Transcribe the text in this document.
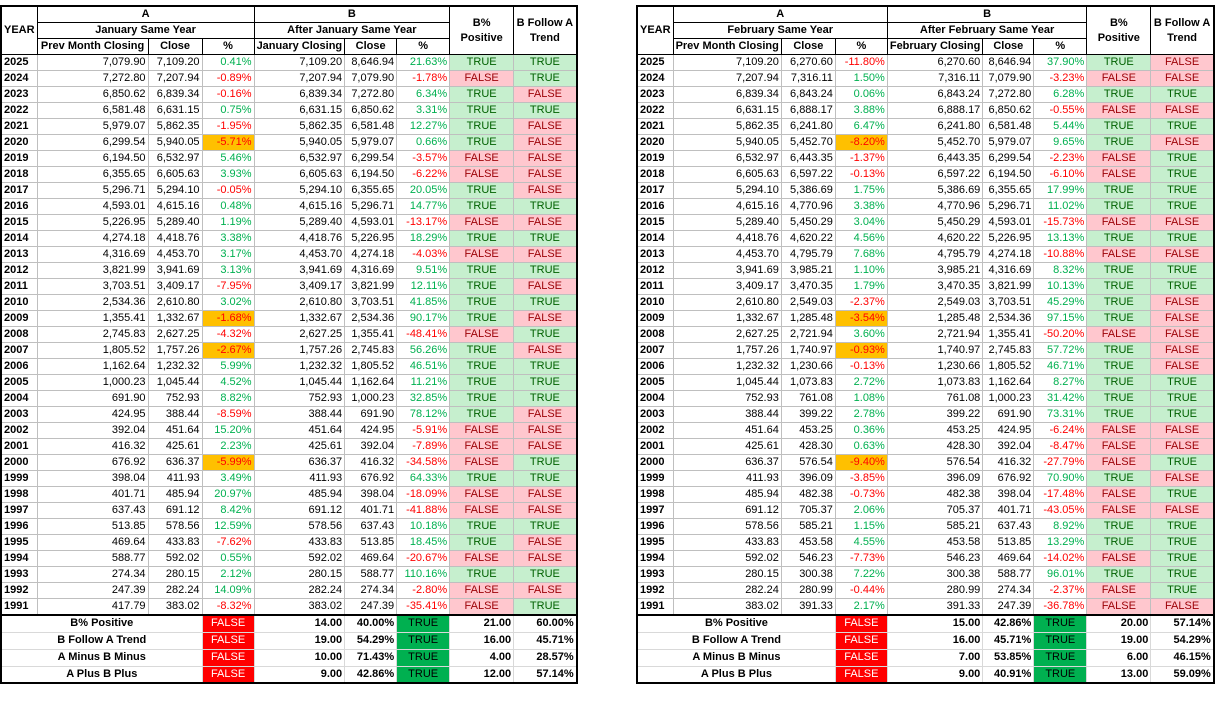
YEAR	A			B			B% Positive	B Follow A Trend
	January Same Year			After January Same Year				
	Prev Month Closing	Close	%	January Closing	Close	%		
2025	7,079.90	7,109.20	0.41%	7,109.20	8,646.94	21.63%	TRUE	TRUE
2024	7,272.80	7,207.94	-0.89%	7,207.94	7,079.90	-1.78%	FALSE	TRUE
2023	6,850.62	6,839.34	-0.16%	6,839.34	7,272.80	6.34%	TRUE	FALSE
2022	6,581.48	6,631.15	0.75%	6,631.15	6,850.62	3.31%	TRUE	TRUE
2021	5,979.07	5,862.35	-1.95%	5,862.35	6,581.48	12.27%	TRUE	FALSE
2020	6,299.54	5,940.05	-5.71%	5,940.05	5,979.07	0.66%	TRUE	FALSE
2019	6,194.50	6,532.97	5.46%	6,532.97	6,299.54	-3.57%	FALSE	FALSE
2018	6,355.65	6,605.63	3.93%	6,605.63	6,194.50	-6.22%	FALSE	FALSE
2017	5,296.71	5,294.10	-0.05%	5,294.10	6,355.65	20.05%	TRUE	FALSE
2016	4,593.01	4,615.16	0.48%	4,615.16	5,296.71	14.77%	TRUE	TRUE
2015	5,226.95	5,289.40	1.19%	5,289.40	4,593.01	-13.17%	FALSE	FALSE
2014	4,274.18	4,418.76	3.38%	4,418.76	5,226.95	18.29%	TRUE	TRUE
2013	4,316.69	4,453.70	3.17%	4,453.70	4,274.18	-4.03%	FALSE	FALSE
2012	3,821.99	3,941.69	3.13%	3,941.69	4,316.69	9.51%	TRUE	TRUE
2011	3,703.51	3,409.17	-7.95%	3,409.17	3,821.99	12.11%	TRUE	FALSE
2010	2,534.36	2,610.80	3.02%	2,610.80	3,703.51	41.85%	TRUE	TRUE
2009	1,355.41	1,332.67	-1.68%	1,332.67	2,534.36	90.17%	TRUE	FALSE
2008	2,745.83	2,627.25	-4.32%	2,627.25	1,355.41	-48.41%	FALSE	TRUE
2007	1,805.52	1,757.26	-2.67%	1,757.26	2,745.83	56.26%	TRUE	FALSE
2006	1,162.64	1,232.32	5.99%	1,232.32	1,805.52	46.51%	TRUE	TRUE
2005	1,000.23	1,045.44	4.52%	1,045.44	1,162.64	11.21%	TRUE	TRUE
2004	691.90	752.93	8.82%	752.93	1,000.23	32.85%	TRUE	TRUE
2003	424.95	388.44	-8.59%	388.44	691.90	78.12%	TRUE	FALSE
2002	392.04	451.64	15.20%	451.64	424.95	-5.91%	FALSE	FALSE
2001	416.32	425.61	2.23%	425.61	392.04	-7.89%	FALSE	FALSE
2000	676.92	636.37	-5.99%	636.37	416.32	-34.58%	FALSE	TRUE
1999	398.04	411.93	3.49%	411.93	676.92	64.33%	TRUE	TRUE
1998	401.71	485.94	20.97%	485.94	398.04	-18.09%	FALSE	FALSE
1997	637.43	691.12	8.42%	691.12	401.71	-41.88%	FALSE	FALSE
1996	513.85	578.56	12.59%	578.56	637.43	10.18%	TRUE	TRUE
1995	469.64	433.83	-7.62%	433.83	513.85	18.45%	TRUE	FALSE
1994	588.77	592.02	0.55%	592.02	469.64	-20.67%	FALSE	FALSE
1993	274.34	280.15	2.12%	280.15	588.77	110.16%	TRUE	TRUE
1992	247.39	282.24	14.09%	282.24	274.34	-2.80%	FALSE	FALSE
1991	417.79	383.02	-8.32%	383.02	247.39	-35.41%	FALSE	TRUE
B% Positive			FALSE	14.00	40.00%	TRUE	21.00	60.00%
B Follow A Trend			FALSE	19.00	54.29%	TRUE	16.00	45.71%
A Minus B Minus			FALSE	10.00	71.43%	TRUE	4.00	28.57%
A Plus B Plus			FALSE	9.00	42.86%	TRUE	12.00	57.14%
YEAR	A			B			B% Positive	B Follow A Trend
	February Same Year			After February Same Year				
	Prev Month Closing	Close	%	February Closing	Close	%		
2025	7,109.20	6,270.60	-11.80%	6,270.60	8,646.94	37.90%	TRUE	FALSE
2024	7,207.94	7,316.11	1.50%	7,316.11	7,079.90	-3.23%	FALSE	FALSE
2023	6,839.34	6,843.24	0.06%	6,843.24	7,272.80	6.28%	TRUE	TRUE
2022	6,631.15	6,888.17	3.88%	6,888.17	6,850.62	-0.55%	FALSE	FALSE
2021	5,862.35	6,241.80	6.47%	6,241.80	6,581.48	5.44%	TRUE	TRUE
2020	5,940.05	5,452.70	-8.20%	5,452.70	5,979.07	9.65%	TRUE	FALSE
2019	6,532.97	6,443.35	-1.37%	6,443.35	6,299.54	-2.23%	FALSE	TRUE
2018	6,605.63	6,597.22	-0.13%	6,597.22	6,194.50	-6.10%	FALSE	TRUE
2017	5,294.10	5,386.69	1.75%	5,386.69	6,355.65	17.99%	TRUE	TRUE
2016	4,615.16	4,770.96	3.38%	4,770.96	5,296.71	11.02%	TRUE	TRUE
2015	5,289.40	5,450.29	3.04%	5,450.29	4,593.01	-15.73%	FALSE	FALSE
2014	4,418.76	4,620.22	4.56%	4,620.22	5,226.95	13.13%	TRUE	TRUE
2013	4,453.70	4,795.79	7.68%	4,795.79	4,274.18	-10.88%	FALSE	FALSE
2012	3,941.69	3,985.21	1.10%	3,985.21	4,316.69	8.32%	TRUE	TRUE
2011	3,409.17	3,470.35	1.79%	3,470.35	3,821.99	10.13%	TRUE	TRUE
2010	2,610.80	2,549.03	-2.37%	2,549.03	3,703.51	45.29%	TRUE	FALSE
2009	1,332.67	1,285.48	-3.54%	1,285.48	2,534.36	97.15%	TRUE	FALSE
2008	2,627.25	2,721.94	3.60%	2,721.94	1,355.41	-50.20%	FALSE	FALSE
2007	1,757.26	1,740.97	-0.93%	1,740.97	2,745.83	57.72%	TRUE	FALSE
2006	1,232.32	1,230.66	-0.13%	1,230.66	1,805.52	46.71%	TRUE	FALSE
2005	1,045.44	1,073.83	2.72%	1,073.83	1,162.64	8.27%	TRUE	TRUE
2004	752.93	761.08	1.08%	761.08	1,000.23	31.42%	TRUE	TRUE
2003	388.44	399.22	2.78%	399.22	691.90	73.31%	TRUE	TRUE
2002	451.64	453.25	0.36%	453.25	424.95	-6.24%	FALSE	FALSE
2001	425.61	428.30	0.63%	428.30	392.04	-8.47%	FALSE	FALSE
2000	636.37	576.54	-9.40%	576.54	416.32	-27.79%	FALSE	TRUE
1999	411.93	396.09	-3.85%	396.09	676.92	70.90%	TRUE	FALSE
1998	485.94	482.38	-0.73%	482.38	398.04	-17.48%	FALSE	TRUE
1997	691.12	705.37	2.06%	705.37	401.71	-43.05%	FALSE	FALSE
1996	578.56	585.21	1.15%	585.21	637.43	8.92%	TRUE	TRUE
1995	433.83	453.58	4.55%	453.58	513.85	13.29%	TRUE	TRUE
1994	592.02	546.23	-7.73%	546.23	469.64	-14.02%	FALSE	TRUE
1993	280.15	300.38	7.22%	300.38	588.77	96.01%	TRUE	TRUE
1992	282.24	280.99	-0.44%	280.99	274.34	-2.37%	FALSE	TRUE
1991	383.02	391.33	2.17%	391.33	247.39	-36.78%	FALSE	FALSE
B% Positive			FALSE	15.00	42.86%	TRUE	20.00	57.14%
B Follow A Trend			FALSE	16.00	45.71%	TRUE	19.00	54.29%
A Minus B Minus			FALSE	7.00	53.85%	TRUE	6.00	46.15%
A Plus B Plus			FALSE	9.00	40.91%	TRUE	13.00	59.09%
